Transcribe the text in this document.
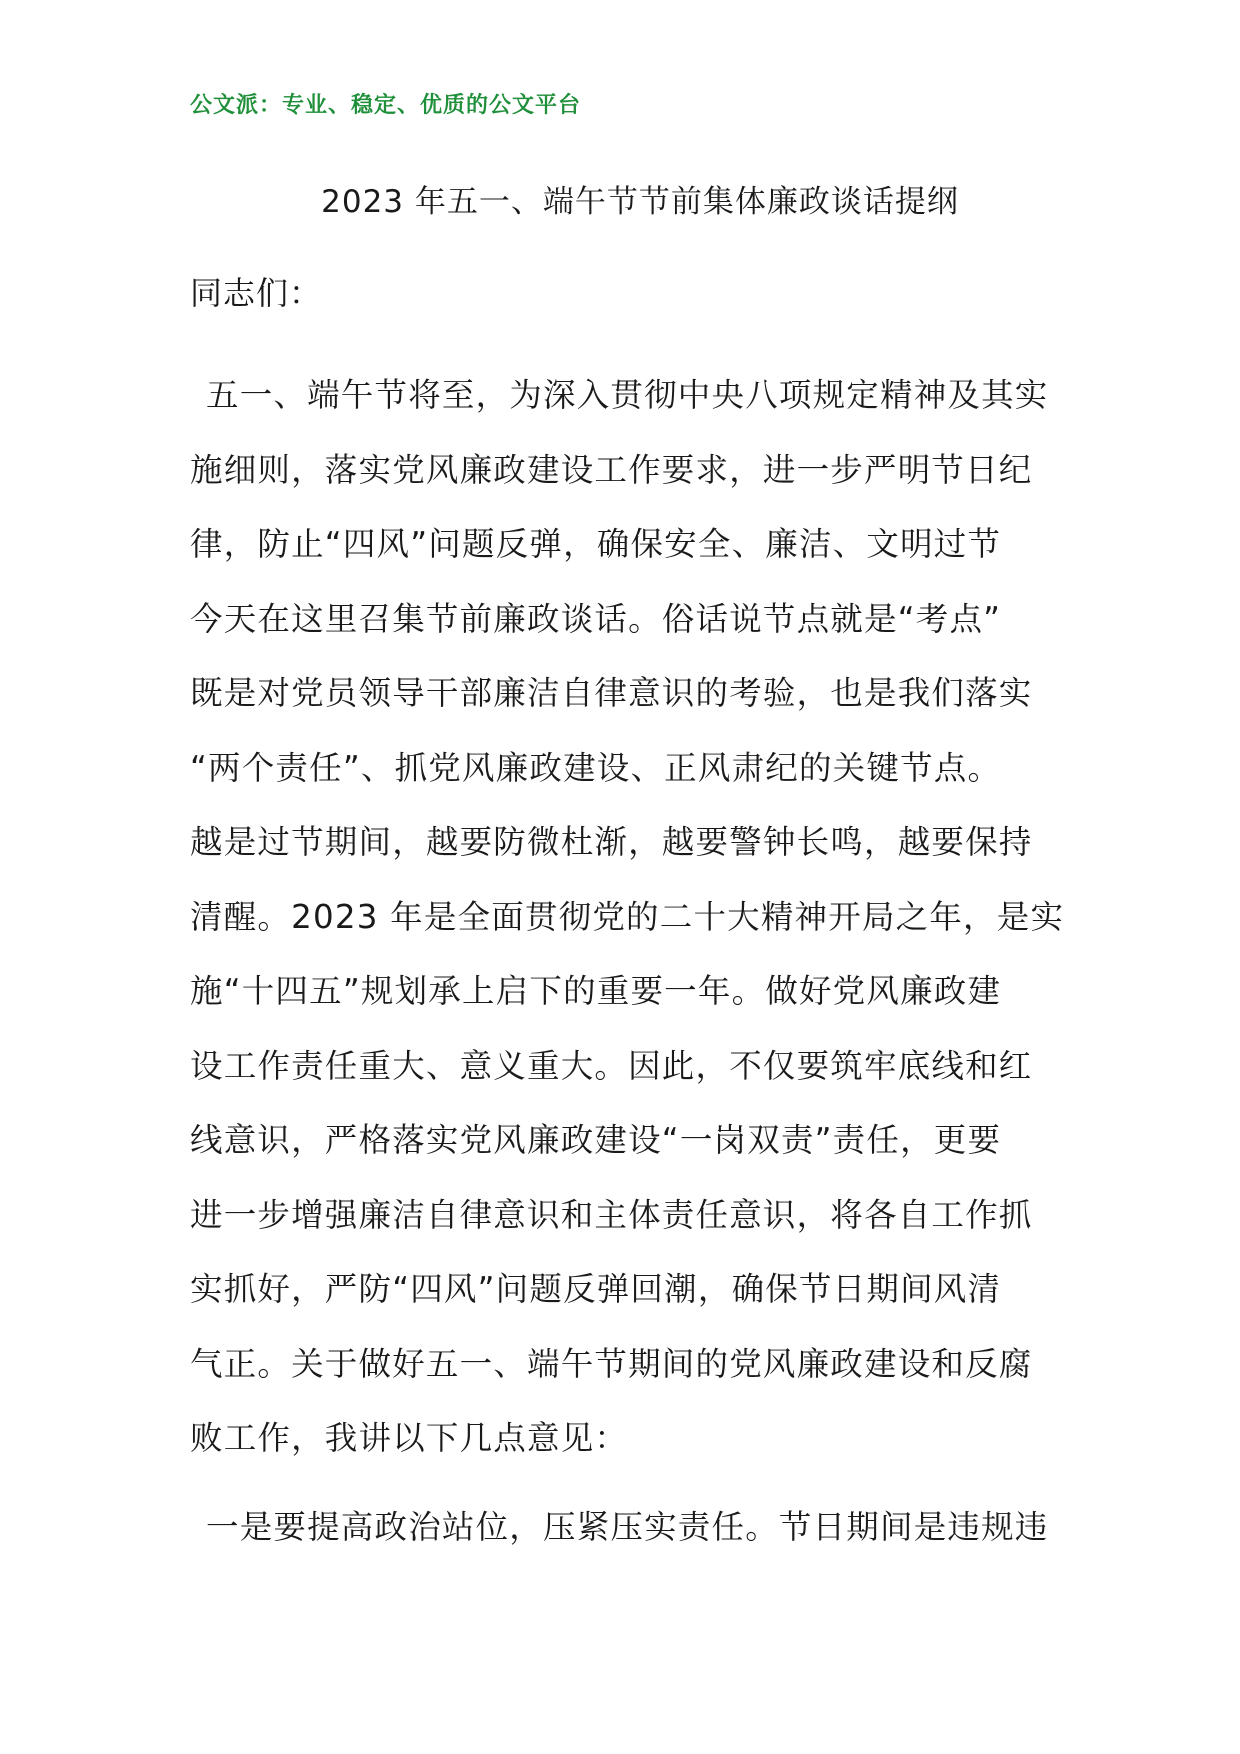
公文派：专业、稳定、优质的公文平台
2023 年五一、端午节节前集体廉政谈话提纲
同志们：
五一、端午节将至，为深入贯彻中央八项规定精神及其实
施细则，落实党风廉政建设工作要求，进一步严明节日纪
律，防止“四风”问题反弹，确保安全、廉洁、文明过节
今天在这里召集节前廉政谈话。俗话说节点就是“考点”
既是对党员领导干部廉洁自律意识的考验，也是我们落实
“两个责任”、抓党风廉政建设、正风肃纪的关键节点。
越是过节期间，越要防微杜渐，越要警钟长鸣，越要保持
清醒。2023 年是全面贯彻党的二十大精神开局之年，是实
施“十四五”规划承上启下的重要一年。做好党风廉政建
设工作责任重大、意义重大。因此，不仅要筑牢底线和红
线意识，严格落实党风廉政建设“一岗双责”责任，更要
进一步增强廉洁自律意识和主体责任意识，将各自工作抓
实抓好，严防“四风”问题反弹回潮，确保节日期间风清
气正。关于做好五一、端午节期间的党风廉政建设和反腐
败工作，我讲以下几点意见：
一是要提高政治站位，压紧压实责任。节日期间是违规违
